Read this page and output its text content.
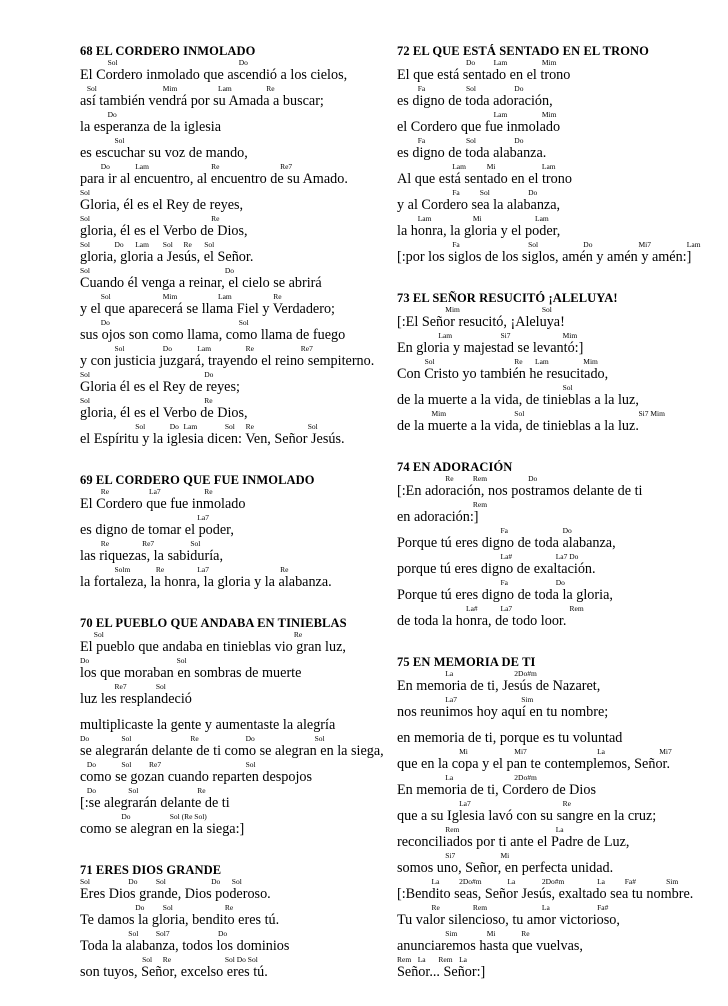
68 EL CORDERO INMOLADO
Sol	Do
El Cordero inmolado que ascendió a los cielos,
Sol	Mim	Lam	Re
así también vendrá por su Amada a buscar;
Do
la esperanza de la iglesia
Sol
es escuchar su voz de mando,
Do	Lam	Re	Re7
para ir al encuentro, al encuentro de su Amado.
Sol
Gloria, él es el Rey de reyes,
Sol	Re
gloria, él es el Verbo de Dios,
Sol	Do Lam Sol Re Sol
gloria, gloria a Jesús, el Señor.
Sol	Do
Cuando él venga a reinar, el cielo se abrirá
Sol	Mim	Lam	Re
y el que aparecerá se llama Fiel y Verdadero;
Do	Sol
sus ojos son como llama, como llama de fuego
Sol	Do	Lam	Re	Re7
y con justicia juzgará, trayendo el reino sempiterno.
Sol	Do
Gloria él es el Rey de reyes;
Sol	Re
gloria, él es el Verbo de Dios,
Sol	Do Lam	Sol Re	Sol
el Espíritu y la iglesia dicen: Ven, Señor Jesús.
69 EL CORDERO QUE FUE INMOLADO
Re	La7	Re
El Cordero que fue inmolado
La7
es digno de tomar el poder,
Re	Re7	Sol
las riquezas, la sabiduría,
Solm	Re	La7	Re
la fortaleza, la honra, la gloria y la alabanza.
70 EL PUEBLO QUE ANDABA EN TINIEBLAS
Sol	Re
El pueblo que andaba en tinieblas vio gran luz,
Do	Sol
los que moraban en sombras de muerte
Re7	Sol
luz les resplandeció
multiplicaste la gente y aumentaste la alegría
Do	Sol	Re	Do	Sol
se alegrarán delante de ti como se alegran en la siega,
Do	Sol Re7	Sol
como se gozan cuando reparten despojos
Do	Sol	Re
[:se alegrarán delante de ti
Do	Sol (Re Sol)
como se alegran en la siega:]
71 ERES DIOS GRANDE
Sol	Do Sol	Do Sol
Eres Dios grande, Dios poderoso.
Do Sol	Re
Te damos la gloria, bendito eres tú.
Sol Sol7	Do
Toda la alabanza, todos los dominios
Sol Re	Sol Do Sol
son tuyos, Señor, excelso eres tú.
72 EL QUE ESTÁ SENTADO EN EL TRONO
Do Lam	Mim
El que está sentado en el trono
Fa	Sol	Do
es digno de toda adoración,
Lam	Mim
el Cordero que fue inmolado
Fa	Sol	Do
es digno de toda alabanza.
Lam	Mi	Lam
Al que está sentado en el trono
Fa	Sol	Do
y al Cordero sea la alabanza,
Lam	Mi	Lam
la honra, la gloria y el poder,
Fa	Sol	Do	Mi7	Lam
[:por los siglos de los siglos, amén y amén y amén:]
73 EL SEÑOR RESUCITÓ ¡ALELUYA!
Mim	Sol
[:El Señor resucitó, ¡Aleluya!
Lam	Si7	Mim
En gloria y majestad se levantó:]
Sol	Re Lam	Mim
Con Cristo yo también he resucitado,
Sol
de la muerte a la vida, de tinieblas a la luz,
Mim	Sol	Si7 Mim
de la muerte a la vida, de tinieblas a la luz.
74 EN ADORACIÓN
Re	Rem	Do
[:En adoración, nos postramos delante de ti
Rem
en adoración:]
Fa	Do
Porque tú eres digno de toda alabanza,
La#	La7 Do
porque tú eres digno de exaltación.
Fa	Do
Porque tú eres digno de toda la gloria,
La#	La7	Rem
de toda la honra, de todo loor.
75 EN MEMORIA DE TI
La	2Do#m
En memoria de ti, Jesús de Nazaret,
La7	Sim
nos reunimos hoy aquí en tu nombre;
en memoria de ti, porque es tu voluntad
Mi	Mi7	La	Mi7
que en la copa y el pan te contemplemos, Señor.
La	2Do#m
En memoria de ti, Cordero de Dios
La7	Re
que a su Iglesia lavó con su sangre en la cruz;
Rem	La
reconciliados por ti ante el Padre de Luz,
Si7	Mi
somos uno, Señor, en perfecta unidad.
La	2Do#m	La	2Do#m	La	Fa#	Sim
[:Bendito seas, Señor Jesús, exaltado sea tu nombre.
Re	Rem	La	Fa#
Tu valor silencioso, tu amor victorioso,
Sim	Mi	Re
anunciaremos hasta que vuelvas,
Rem La Rem La
Señor... Señor:]
